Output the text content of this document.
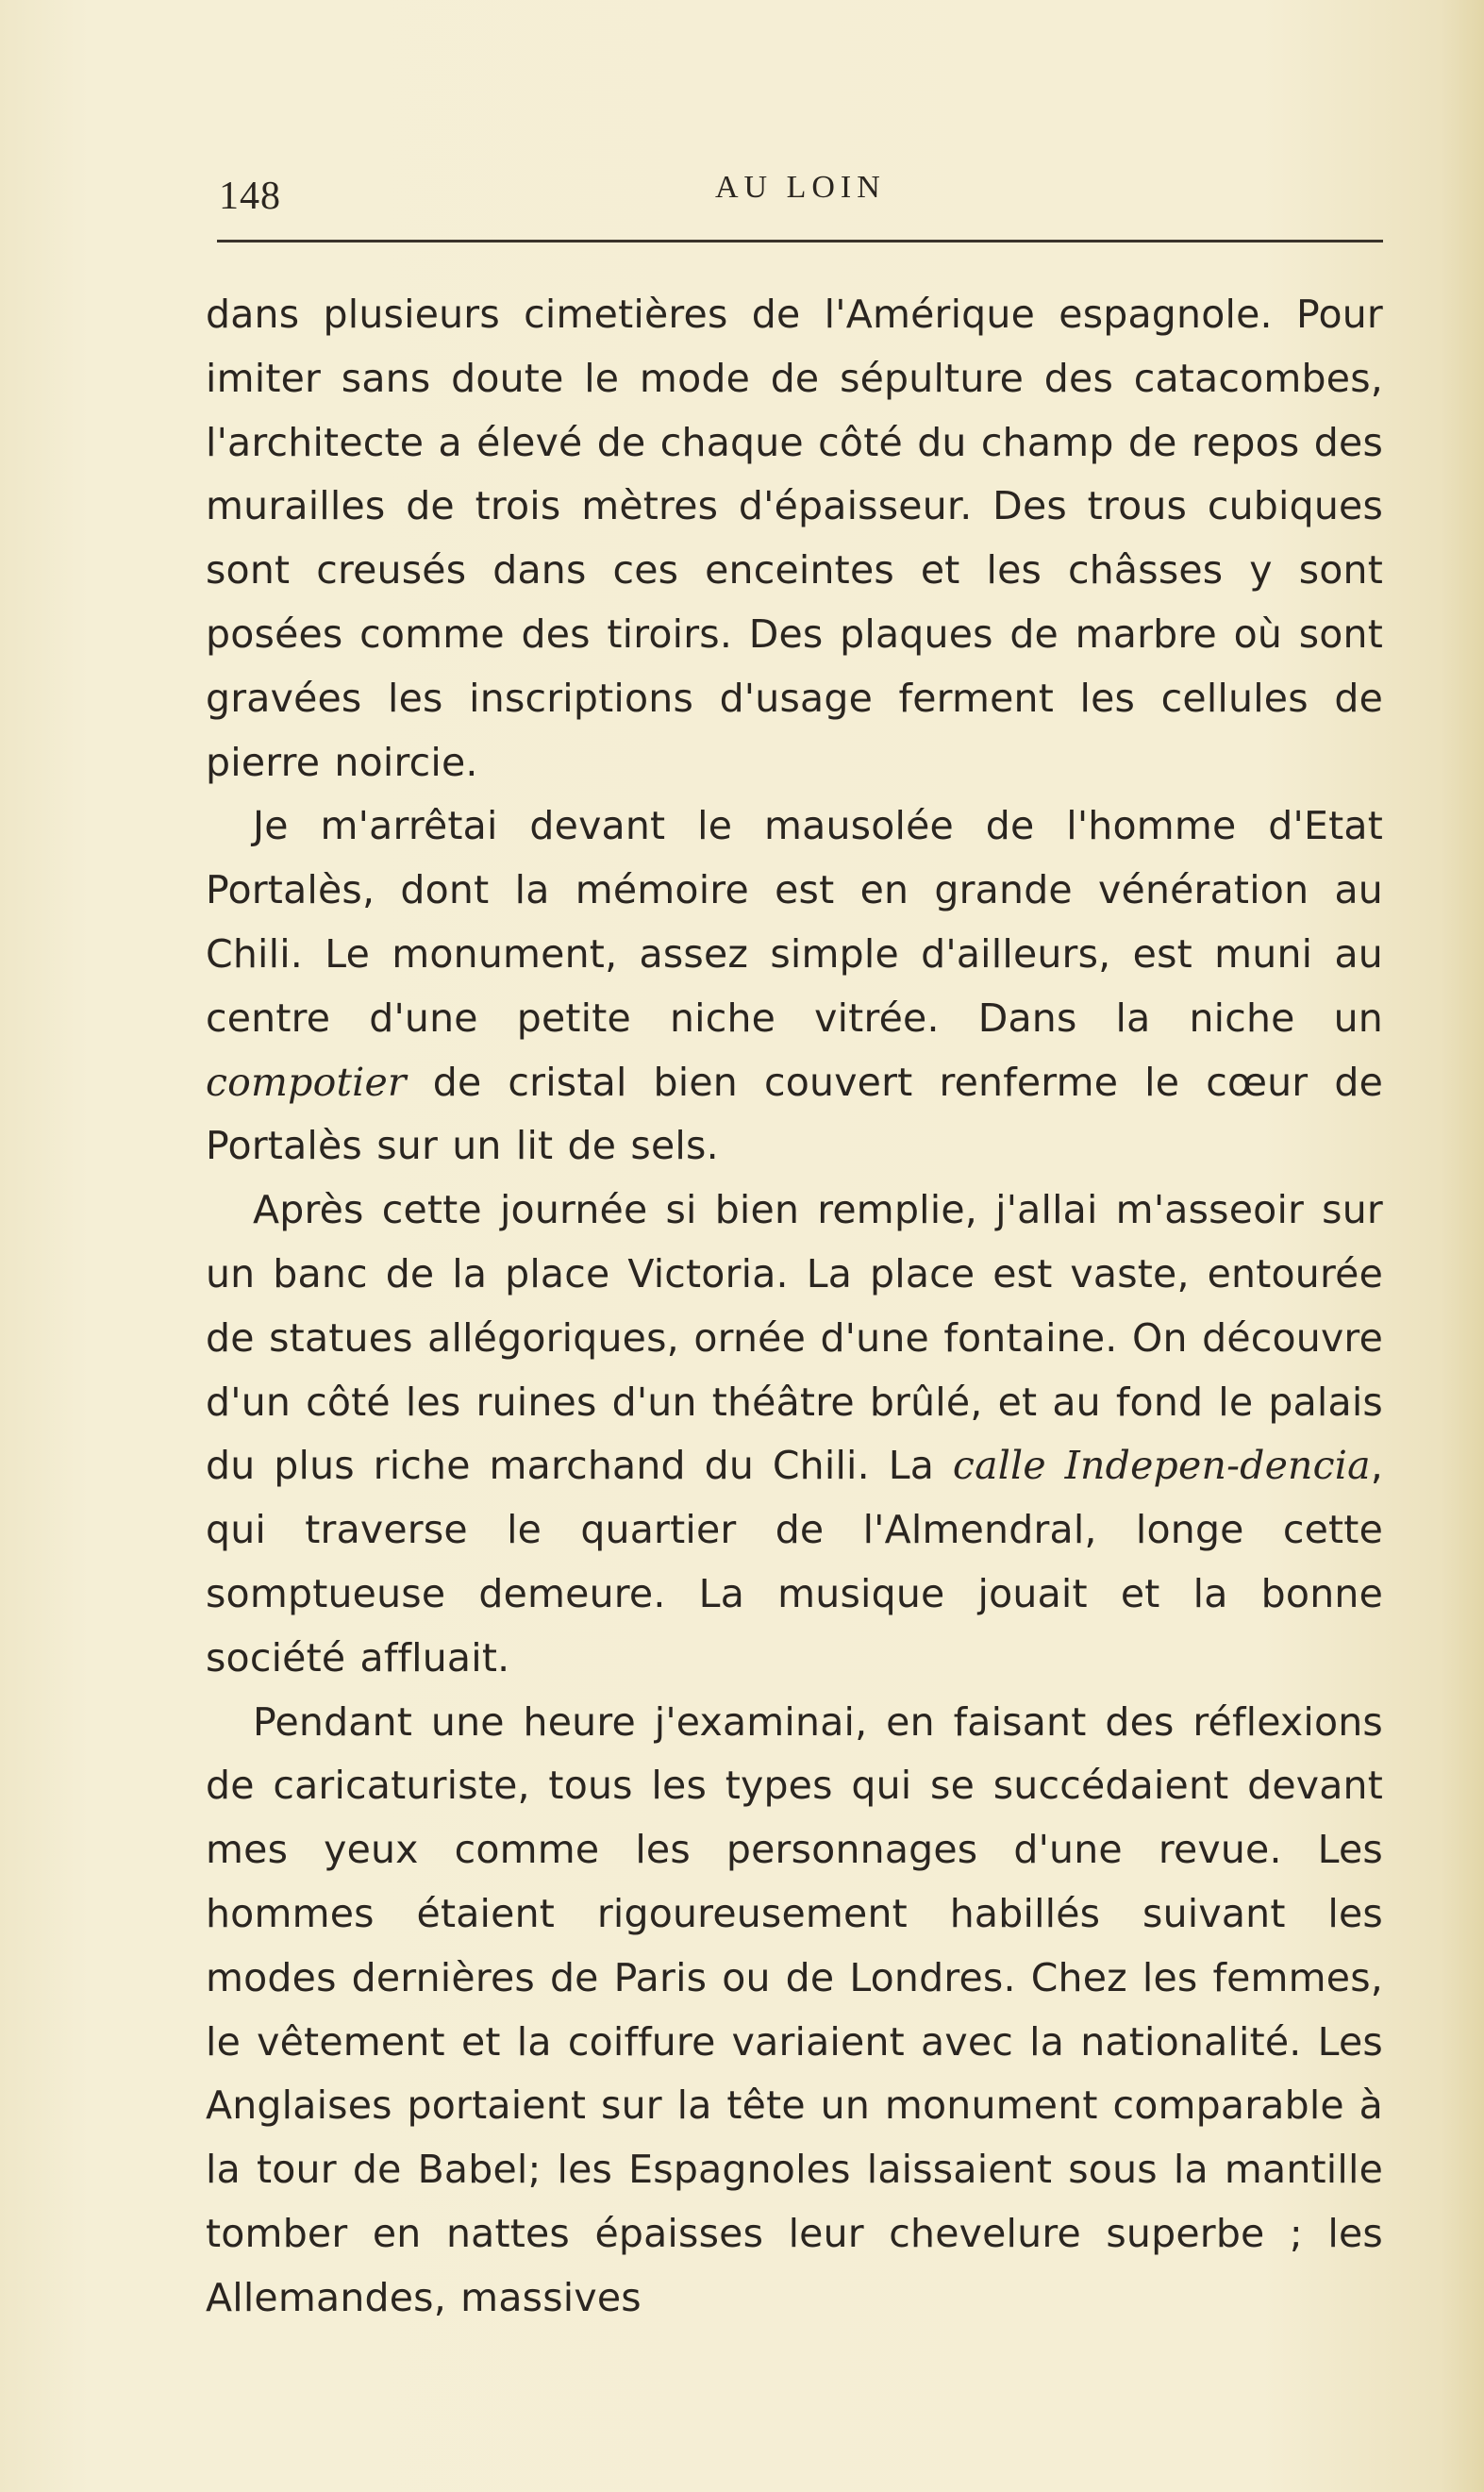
148	AU LOIN

dans plusieurs cimetières de l'Amérique espagnole. Pour imiter sans doute le mode de sépulture des catacombes, l'architecte a élevé de chaque côté du champ de repos des murailles de trois mètres d'épaisseur. Des trous cubiques sont creusés dans ces enceintes et les châsses y sont posées comme des tiroirs. Des plaques de marbre où sont gravées les inscriptions d'usage ferment les cellules de pierre noircie.

Je m'arrêtai devant le mausolée de l'homme d'Etat Portalès, dont la mémoire est en grande vénération au Chili. Le monument, assez simple d'ailleurs, est muni au centre d'une petite niche vitrée. Dans la niche un compotier de cristal bien couvert renferme le cœur de Portalès sur un lit de sels.

Après cette journée si bien remplie, j'allai m'asseoir sur un banc de la place Victoria. La place est vaste, entourée de statues allégoriques, ornée d'une fontaine. On découvre d'un côté les ruines d'un théâtre brûlé, et au fond le palais du plus riche marchand du Chili. La calle Indepen-dencia, qui traverse le quartier de l'Almendral, longe cette somptueuse demeure. La musique jouait et la bonne société affluait.

Pendant une heure j'examinai, en faisant des réflexions de caricaturiste, tous les types qui se succédaient devant mes yeux comme les personnages d'une revue. Les hommes étaient rigoureusement habillés suivant les modes dernières de Paris ou de Londres. Chez les femmes, le vêtement et la coiffure variaient avec la nationalité. Les Anglaises portaient sur la tête un monument comparable à la tour de Babel; les Espagnoles laissaient sous la mantille tomber en nattes épaisses leur chevelure superbe ; les Allemandes, massives
